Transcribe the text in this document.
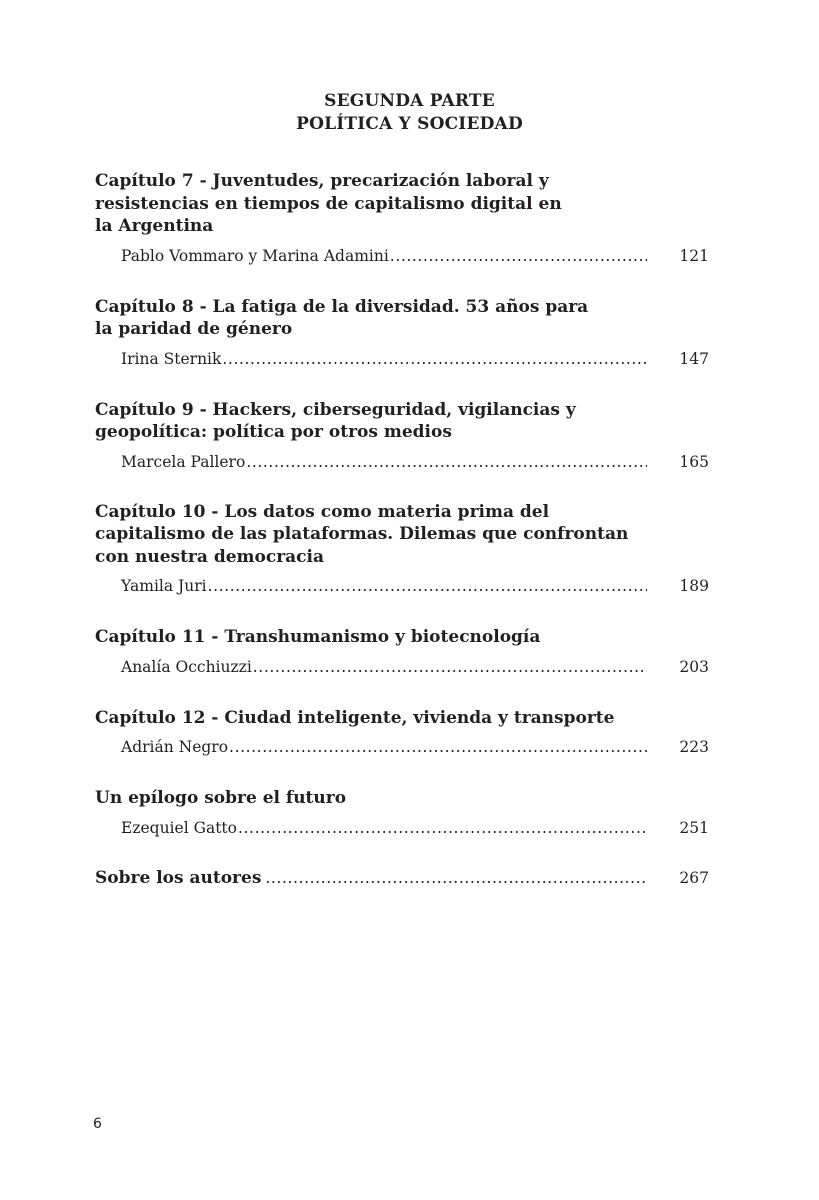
SEGUNDA PARTE
POLÍTICA Y SOCIEDAD

Capítulo 7 - Juventudes, precarización laboral y resistencias en tiempos de capitalismo digital en la Argentina

Pablo Vommaro y Marina Adamini .....	121

Capítulo 8 - La fatiga de la diversidad. 53 años para la paridad de género

Irina Sternik .....	147

Capítulo 9 - Hackers, ciberseguridad, vigilancias y geopolítica: política por otros medios

Marcela Pallero .....	165

Capítulo 10 - Los datos como materia prima del capitalismo de las plataformas. Dilemas que confrontan con nuestra democracia

Yamila Juri .....	189

Capítulo 11 - Transhumanismo y biotecnología

Analía Occhiuzzi .....	203

Capítulo 12 - Ciudad inteligente, vivienda y transporte

Adrián Negro .....	223

Un epílogo sobre el futuro

Ezequiel Gatto .....	251

Sobre los autores .....	267
6
